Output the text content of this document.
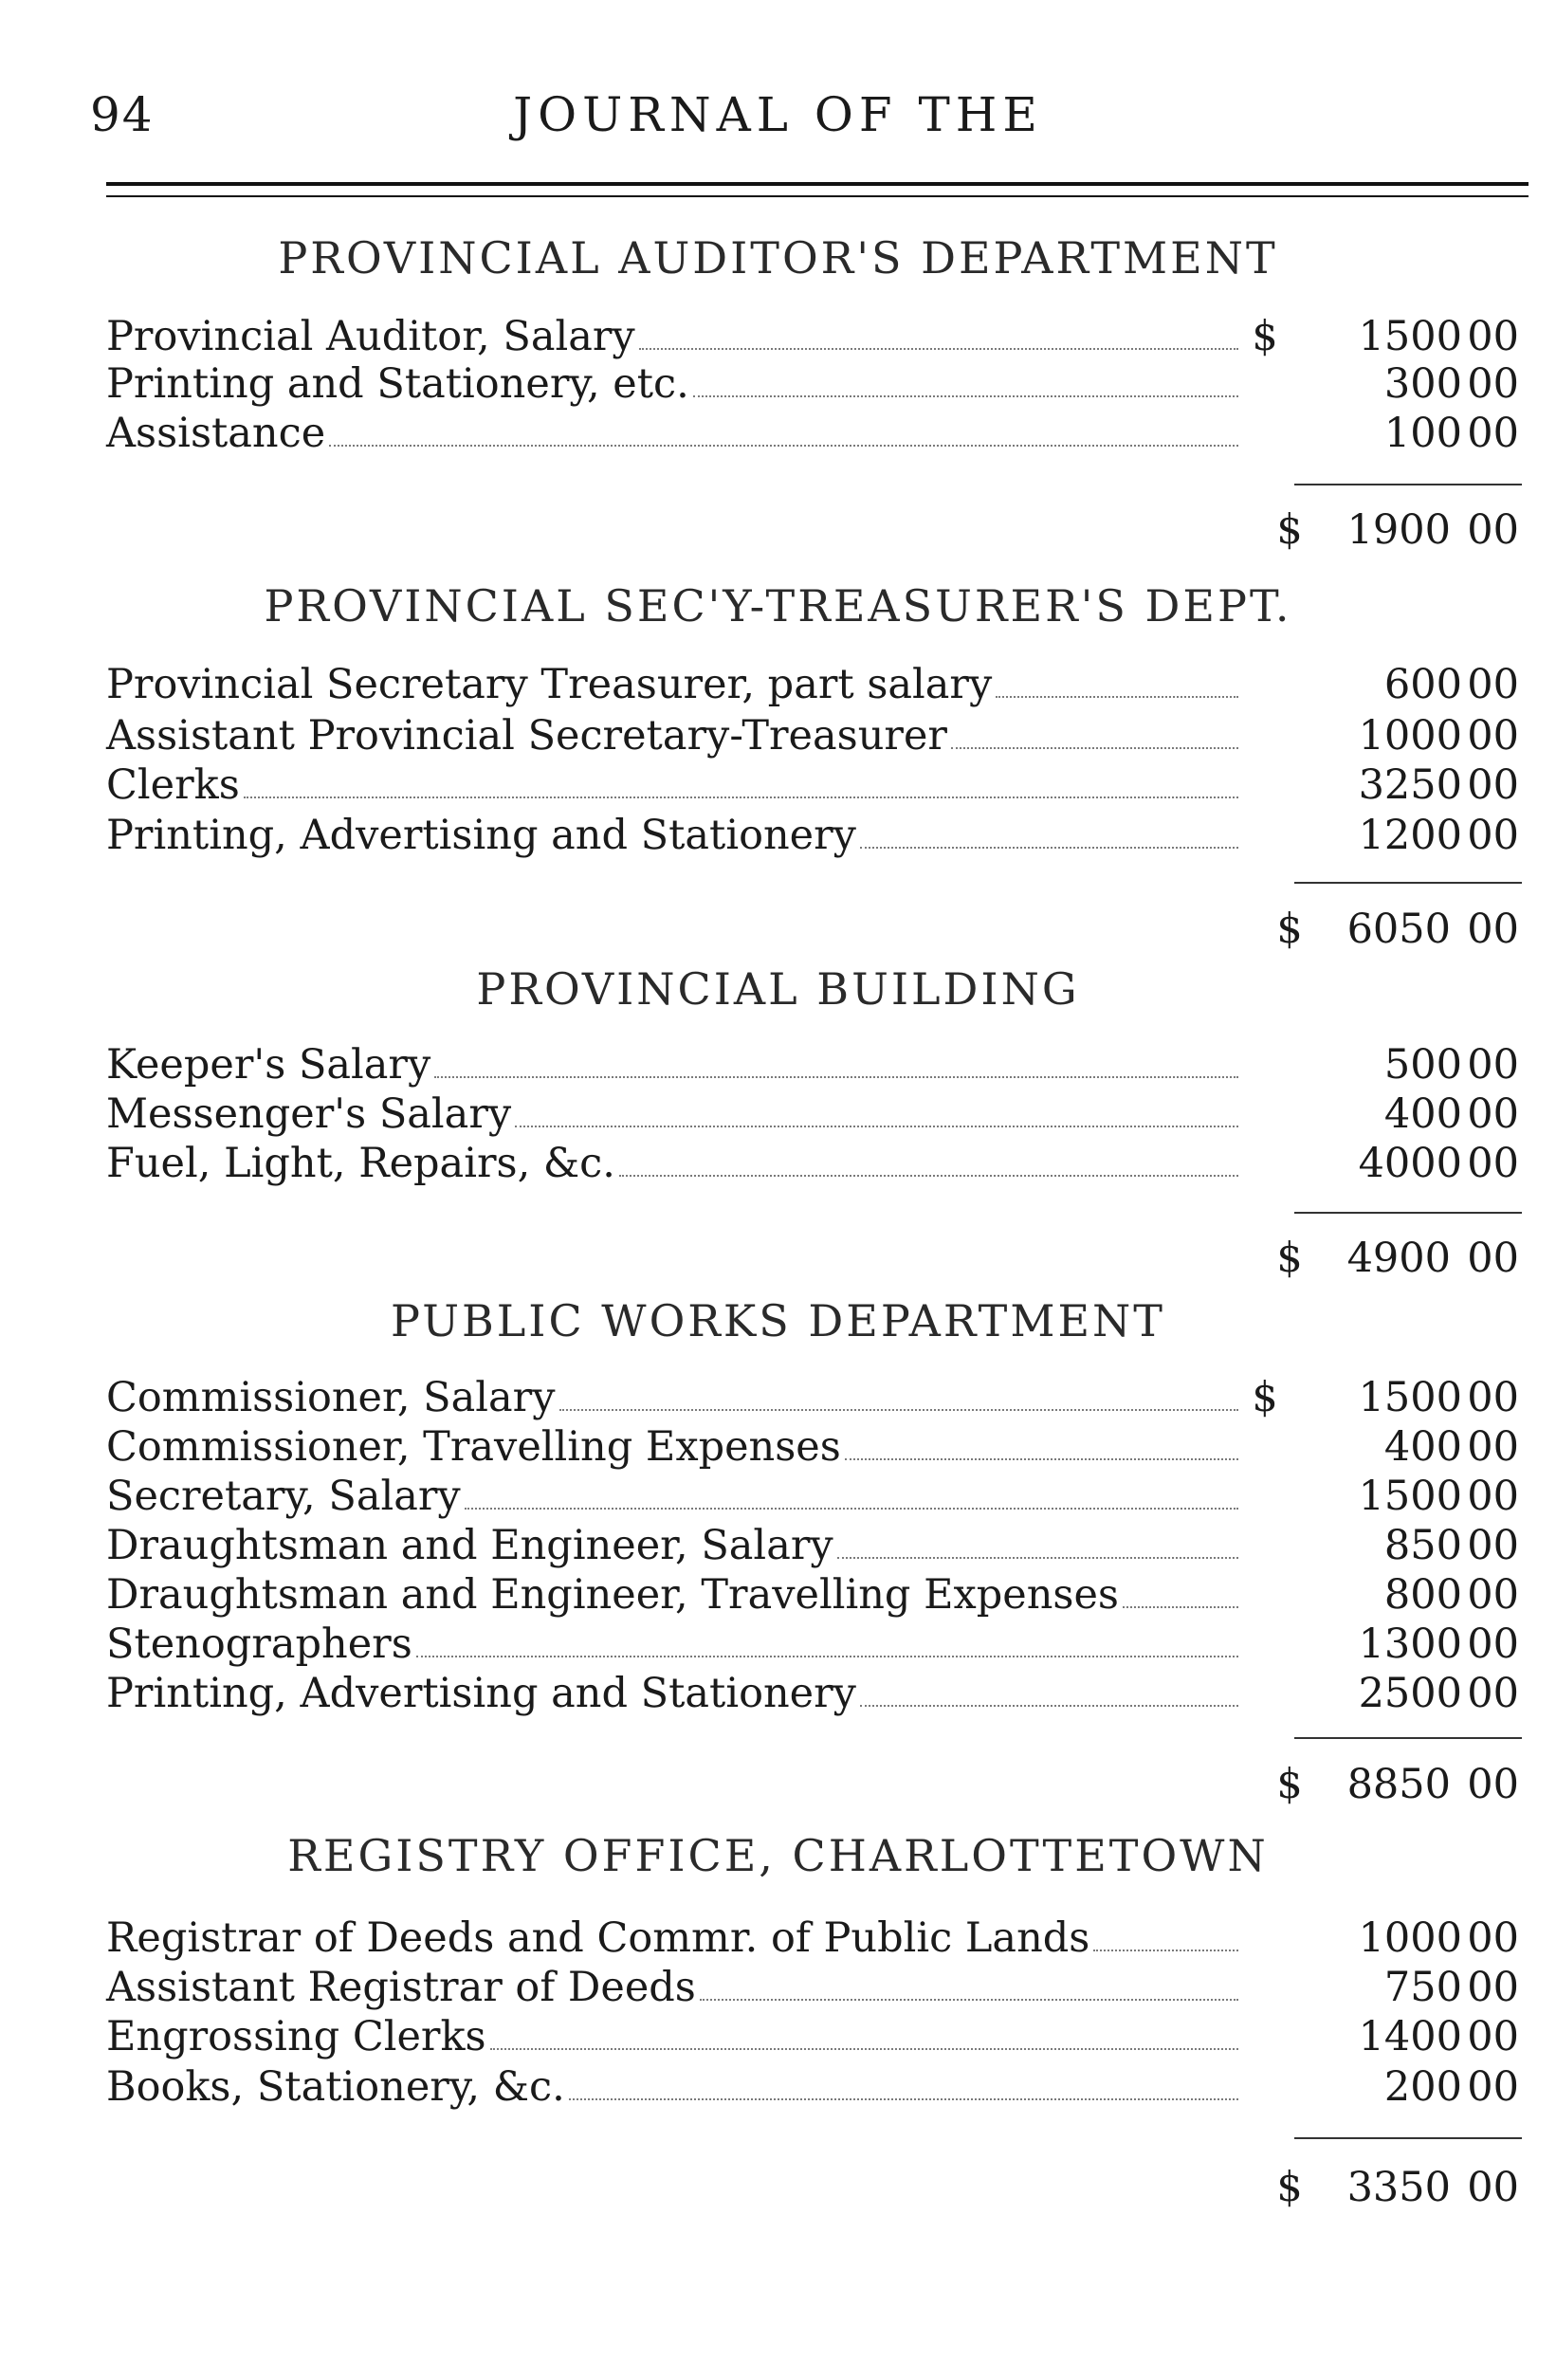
94	JOURNAL OF THE
PROVINCIAL AUDITOR'S DEPARTMENT
Provincial Auditor, Salary	$	1500 00
Printing and Stationery, etc.	300 00
Assistance	100 00
$	1900 00
PROVINCIAL SEC'Y-TREASURER'S DEPT.
Provincial Secretary Treasurer, part salary	600 00
Assistant Provincial Secretary-Treasurer	1000 00
Clerks	3250 00
Printing, Advertising and Stationery	1200 00
$	6050 00
PROVINCIAL BUILDING
Keeper's Salary	500 00
Messenger's Salary	400 00
Fuel, Light, Repairs, &c.	4000 00
$	4900 00
PUBLIC WORKS DEPARTMENT
Commissioner, Salary	$	1500 00
Commissioner, Travelling Expenses	400 00
Secretary, Salary	1500 00
Draughtsman and Engineer, Salary	850 00
Draughtsman and Engineer, Travelling Expenses	800 00
Stenographers	1300 00
Printing, Advertising and Stationery	2500 00
$	8850 00
REGISTRY OFFICE, CHARLOTTETOWN
Registrar of Deeds and Commr. of Public Lands	1000 00
Assistant Registrar of Deeds	750 00
Engrossing Clerks	1400 00
Books, Stationery, &c.	200 00
$	3350 00
